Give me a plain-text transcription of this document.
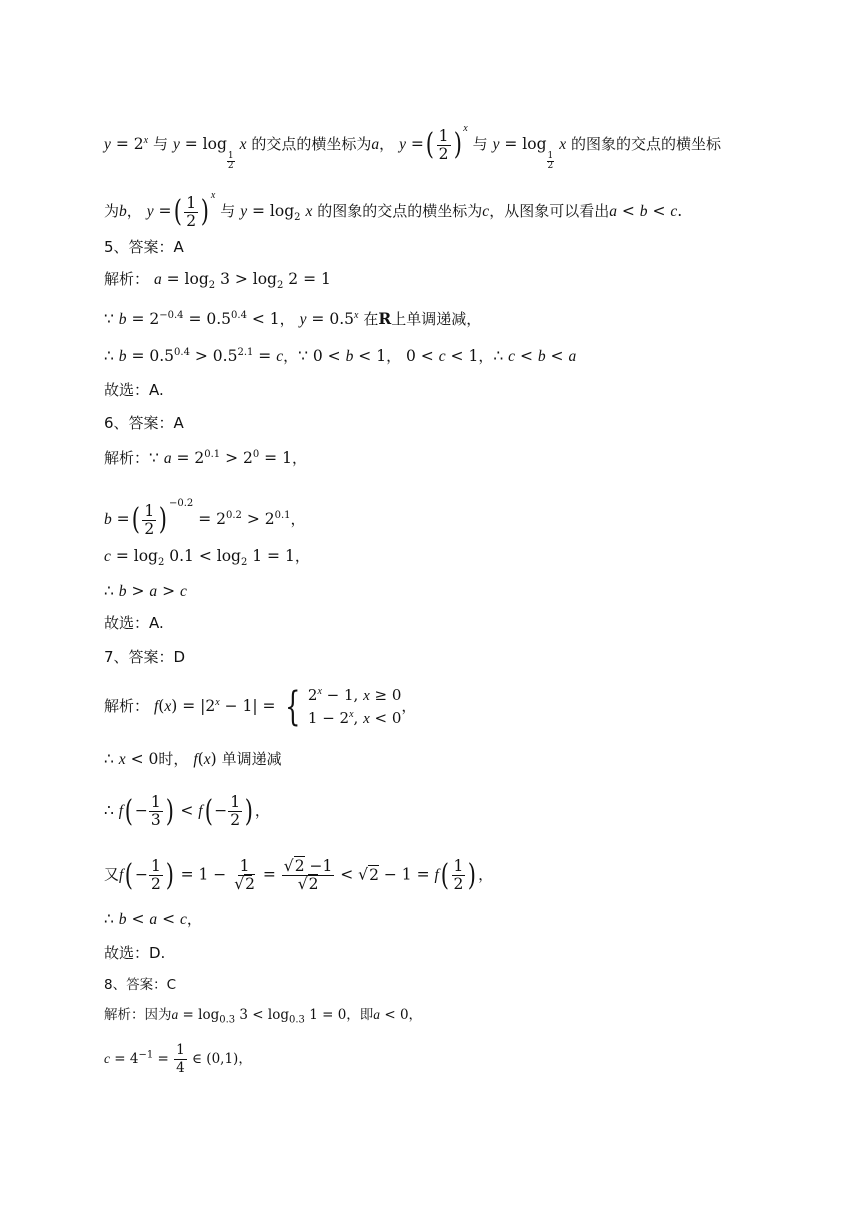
$y = 2^x$ 与 y = log
$\frac{1}{2}$
x 的交点的横坐标为a， y =( $\frac{1}{2}$ ) $^x$ 与 y = log
$\frac{1}{2}$
x 的图象的交点的横坐标
为b， y =( $\frac{1}{2}$ ) $^x$ 与 $y = \log_2 x$ 的图象的交点的横坐标为c，从图象可以看出a < b < c.
5、答案：A
解析： $a = \log_2 3 > \log_2 2 = 1$
∵ $b = 2^{-0.4} = 0.5^{0.4} < 1$， $y = 0.5^x$ 在R上单调递减，
∴ $b = 0.5^{0.4} > 0.5^{2.1} = c$，∵ 0 < b < 1， 0 < c < 1，∴ c < b < a
故选：A.
6、答案：A
解析：∵ $a = 2^{0.1} > 2^0 = 1$，
b =( $\frac{1}{2}$ ) $^{-0.2} = 2^{0.2} > 2^{0.1}$，
$c = \log_2 0.1 < \log_2 1 = 1$，
∴ b > a > c
故选：A.
7、答案：D
解析： $f(x) = |2^x - 1|$ = { $2^x - 1$, x ≥ 0
$1 - 2^x$, x < 0
，
∴ x < 0时， f(x) 单调递减
∴ $f( - \frac{1}{3}$ ) < $f( - \frac{1}{2}$ ) ，
又$f( - \frac{1}{2}$ ) = $1 - \frac{1}{√2} = \frac{√2 -1}{√2} < √2 - 1 = f( \frac{1}{2}$ ) ，
∴ b < a < c，
故选：D.
8、答案：C
解析：因为$a = \log_{0.3} 3 < \log_{0.3} 1 = 0$，即a < 0，
$c = 4^{-1} = \frac{1}{4}$ ∈ (0,1)，
